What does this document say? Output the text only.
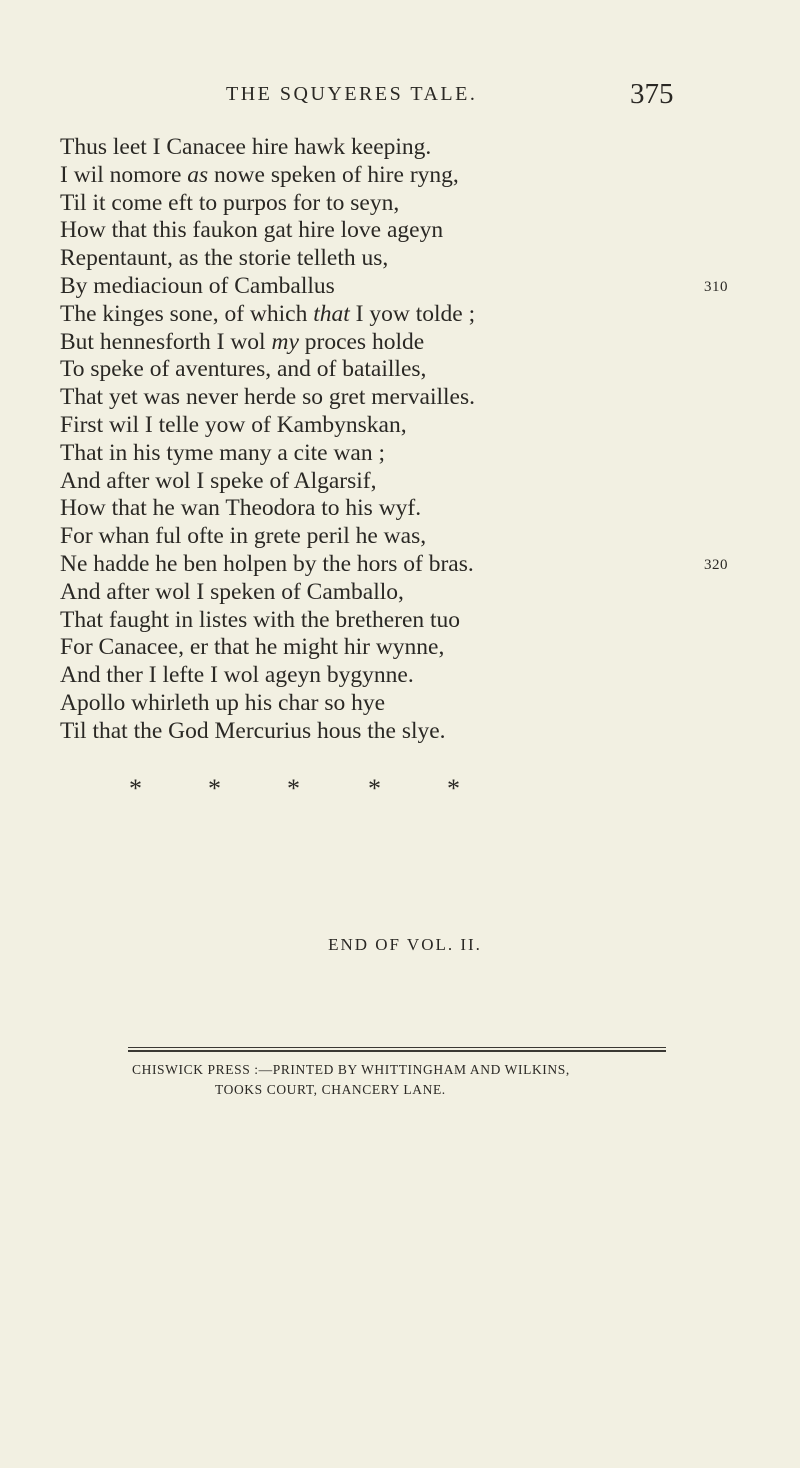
THE SQUYERES TALE.	375
Thus leet I Canacee hire hawk keeping.
I wil nomore as nowe speken of hire ryng,
Til it come eft to purpos for to seyn,
How that this faukon gat hire love ageyn
Repentaunt, as the storie telleth us,
By mediacioun of Camballus	310
The kinges sone, of which that I yow tolde ;
But hennesforth I wol my proces holde
To speke of aventures, and of batailles,
That yet was never herde so gret mervailles.
First wil I telle yow of Kambynskan,
That in his tyme many a cite wan ;
And after wol I speke of Algarsif,
How that he wan Theodora to his wyf.
For whan ful ofte in grete peril he was,
Ne hadde he ben holpen by the hors of bras.	320
And after wol I speken of Camballo,
That faught in listes with the bretheren tuo
For Canacee, er that he might hir wynne,
And ther I lefte I wol ageyn bygynne.
Apollo whirleth up his char so hye
Til that the God Mercurius hous the slye.
*	*	*	*	*
END OF VOL. II.
CHISWICK PRESS :—PRINTED BY WHITTINGHAM AND WILKINS,
TOOKS COURT, CHANCERY LANE.
